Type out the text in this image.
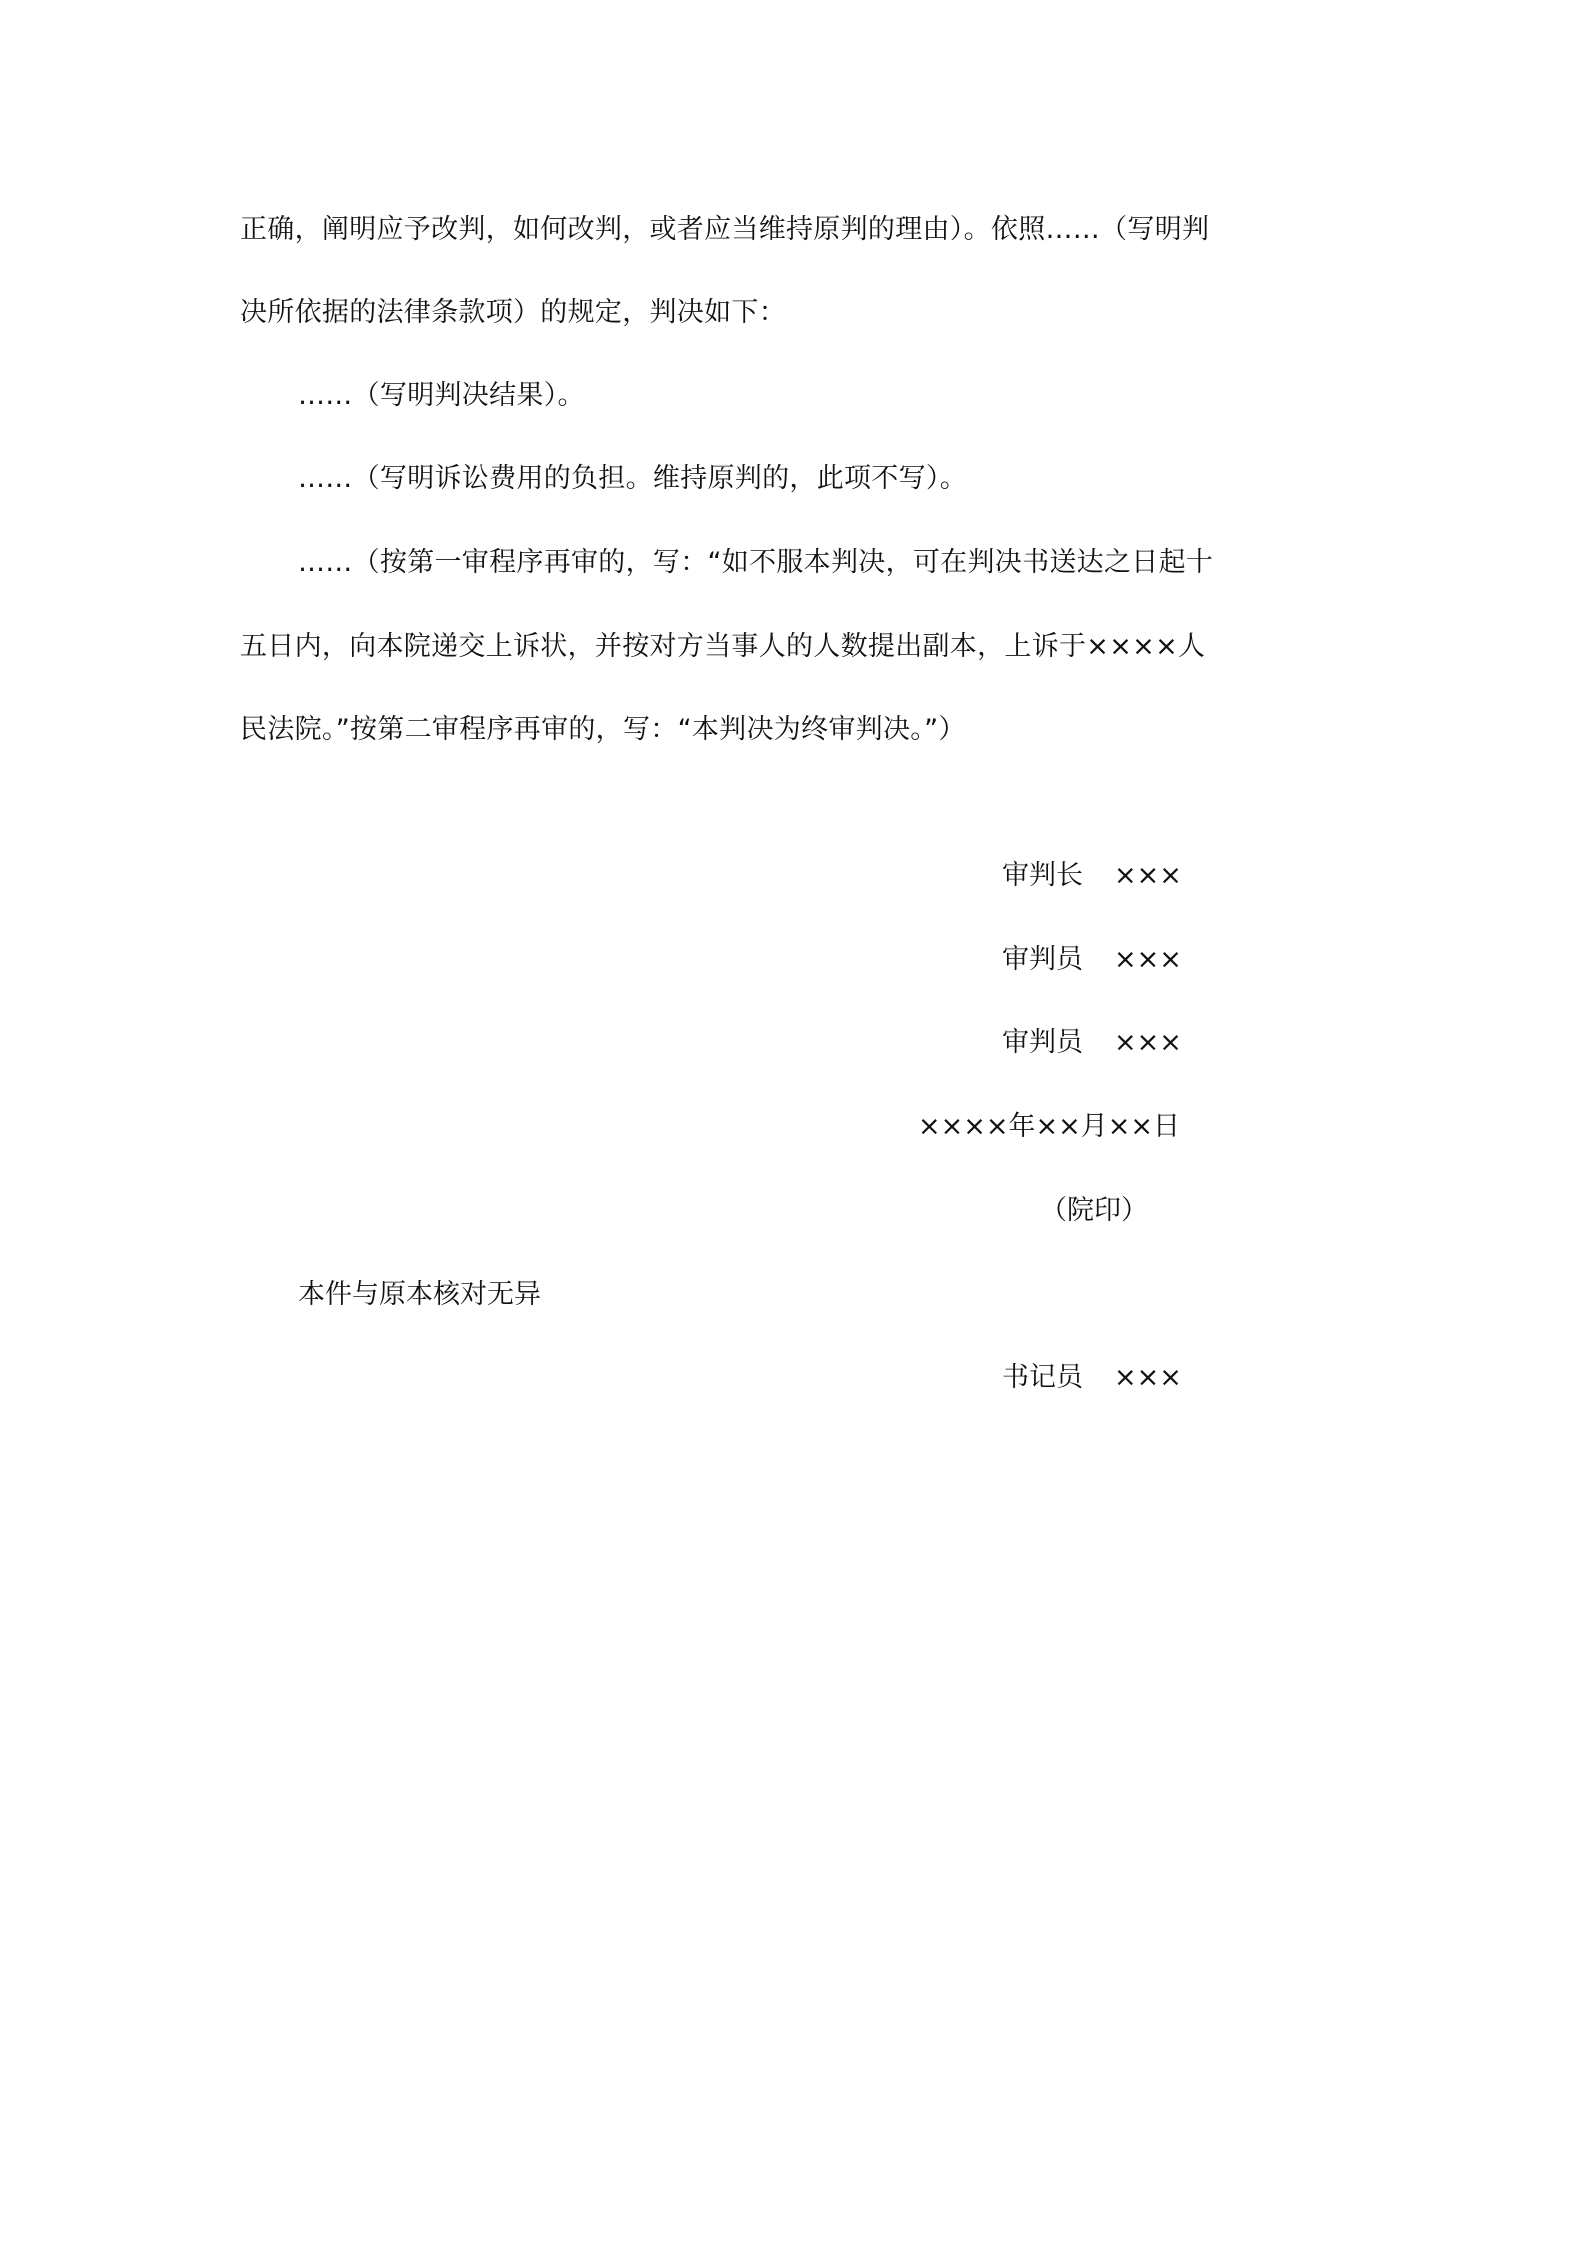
正确，阐明应予改判，如何改判，或者应当维持原判的理由）。依照……（写明判
决所依据的法律条款项）的规定，判决如下：
……（写明判决结果）。
……（写明诉讼费用的负担。维持原判的，此项不写）。
……（按第一审程序再审的，写：“如不服本判决，可在判决书送达之日起十
五日内，向本院递交上诉状，并按对方当事人的人数提出副本，上诉于××××人
民法院。”按第二审程序再审的，写：“本判决为终审判决。”）
审判长 ×××
审判员 ×××
审判员 ×××
××××年××月××日
（院印）
本件与原本核对无异
书记员 ×××
